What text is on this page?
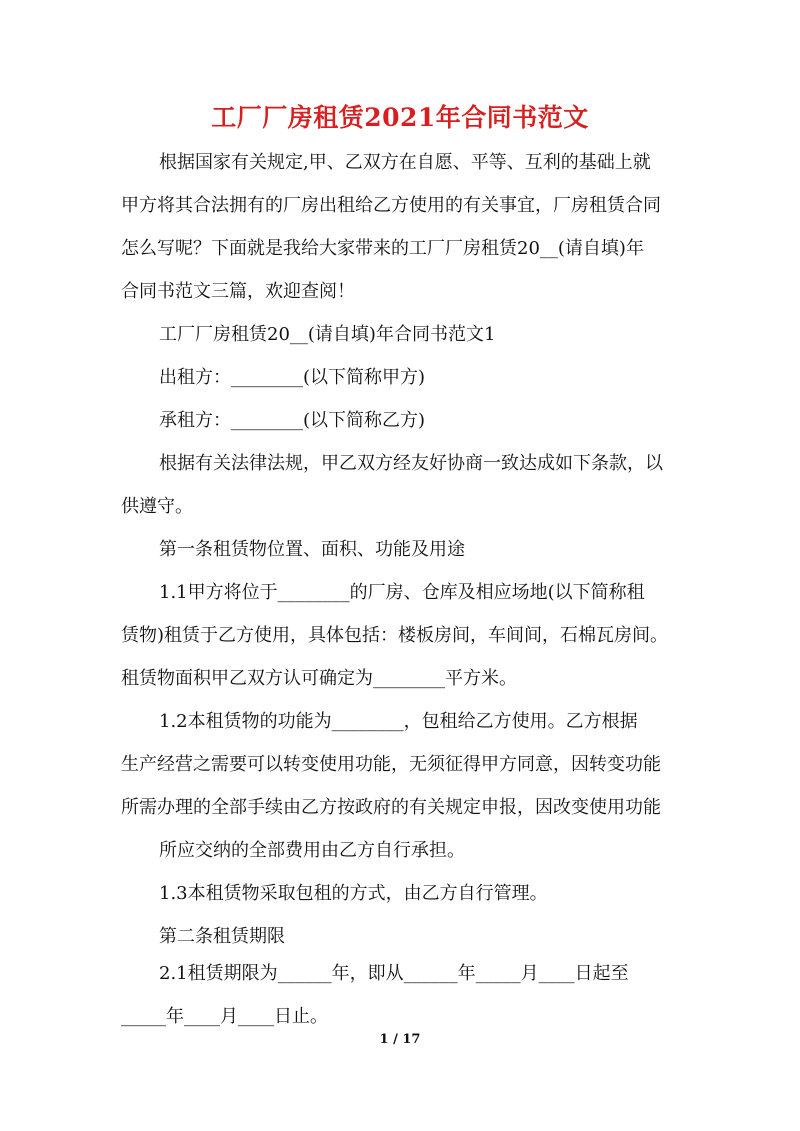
工厂厂房租赁2021年合同书范文
根据国家有关规定,甲、乙双方在自愿、平等、互利的基础上就
甲方将其合法拥有的厂房出租给乙方使用的有关事宜，厂房租赁合同
怎么写呢？下面就是我给大家带来的工厂厂房租赁20__(请自填)年
合同书范文三篇，欢迎查阅！
工厂厂房租赁20__(请自填)年合同书范文1
出租方：________(以下简称甲方)
承租方：________(以下简称乙方)
根据有关法律法规，甲乙双方经友好协商一致达成如下条款，以
供遵守。
第一条租赁物位置、面积、功能及用途
1.1甲方将位于________的厂房、仓库及相应场地(以下简称租
赁物)租赁于乙方使用，具体包括：楼板房间，车间间，石棉瓦房间。
租赁物面积甲乙双方认可确定为________平方米。
1.2本租赁物的功能为________，包租给乙方使用。乙方根据
生产经营之需要可以转变使用功能，无须征得甲方同意，因转变功能
所需办理的全部手续由乙方按政府的有关规定申报，因改变使用功能
所应交纳的全部费用由乙方自行承担。
1.3本租赁物采取包租的方式，由乙方自行管理。
第二条租赁期限
2.1租赁期限为______年，即从______年_____月____日起至
_____年____月____日止。
1 / 17
